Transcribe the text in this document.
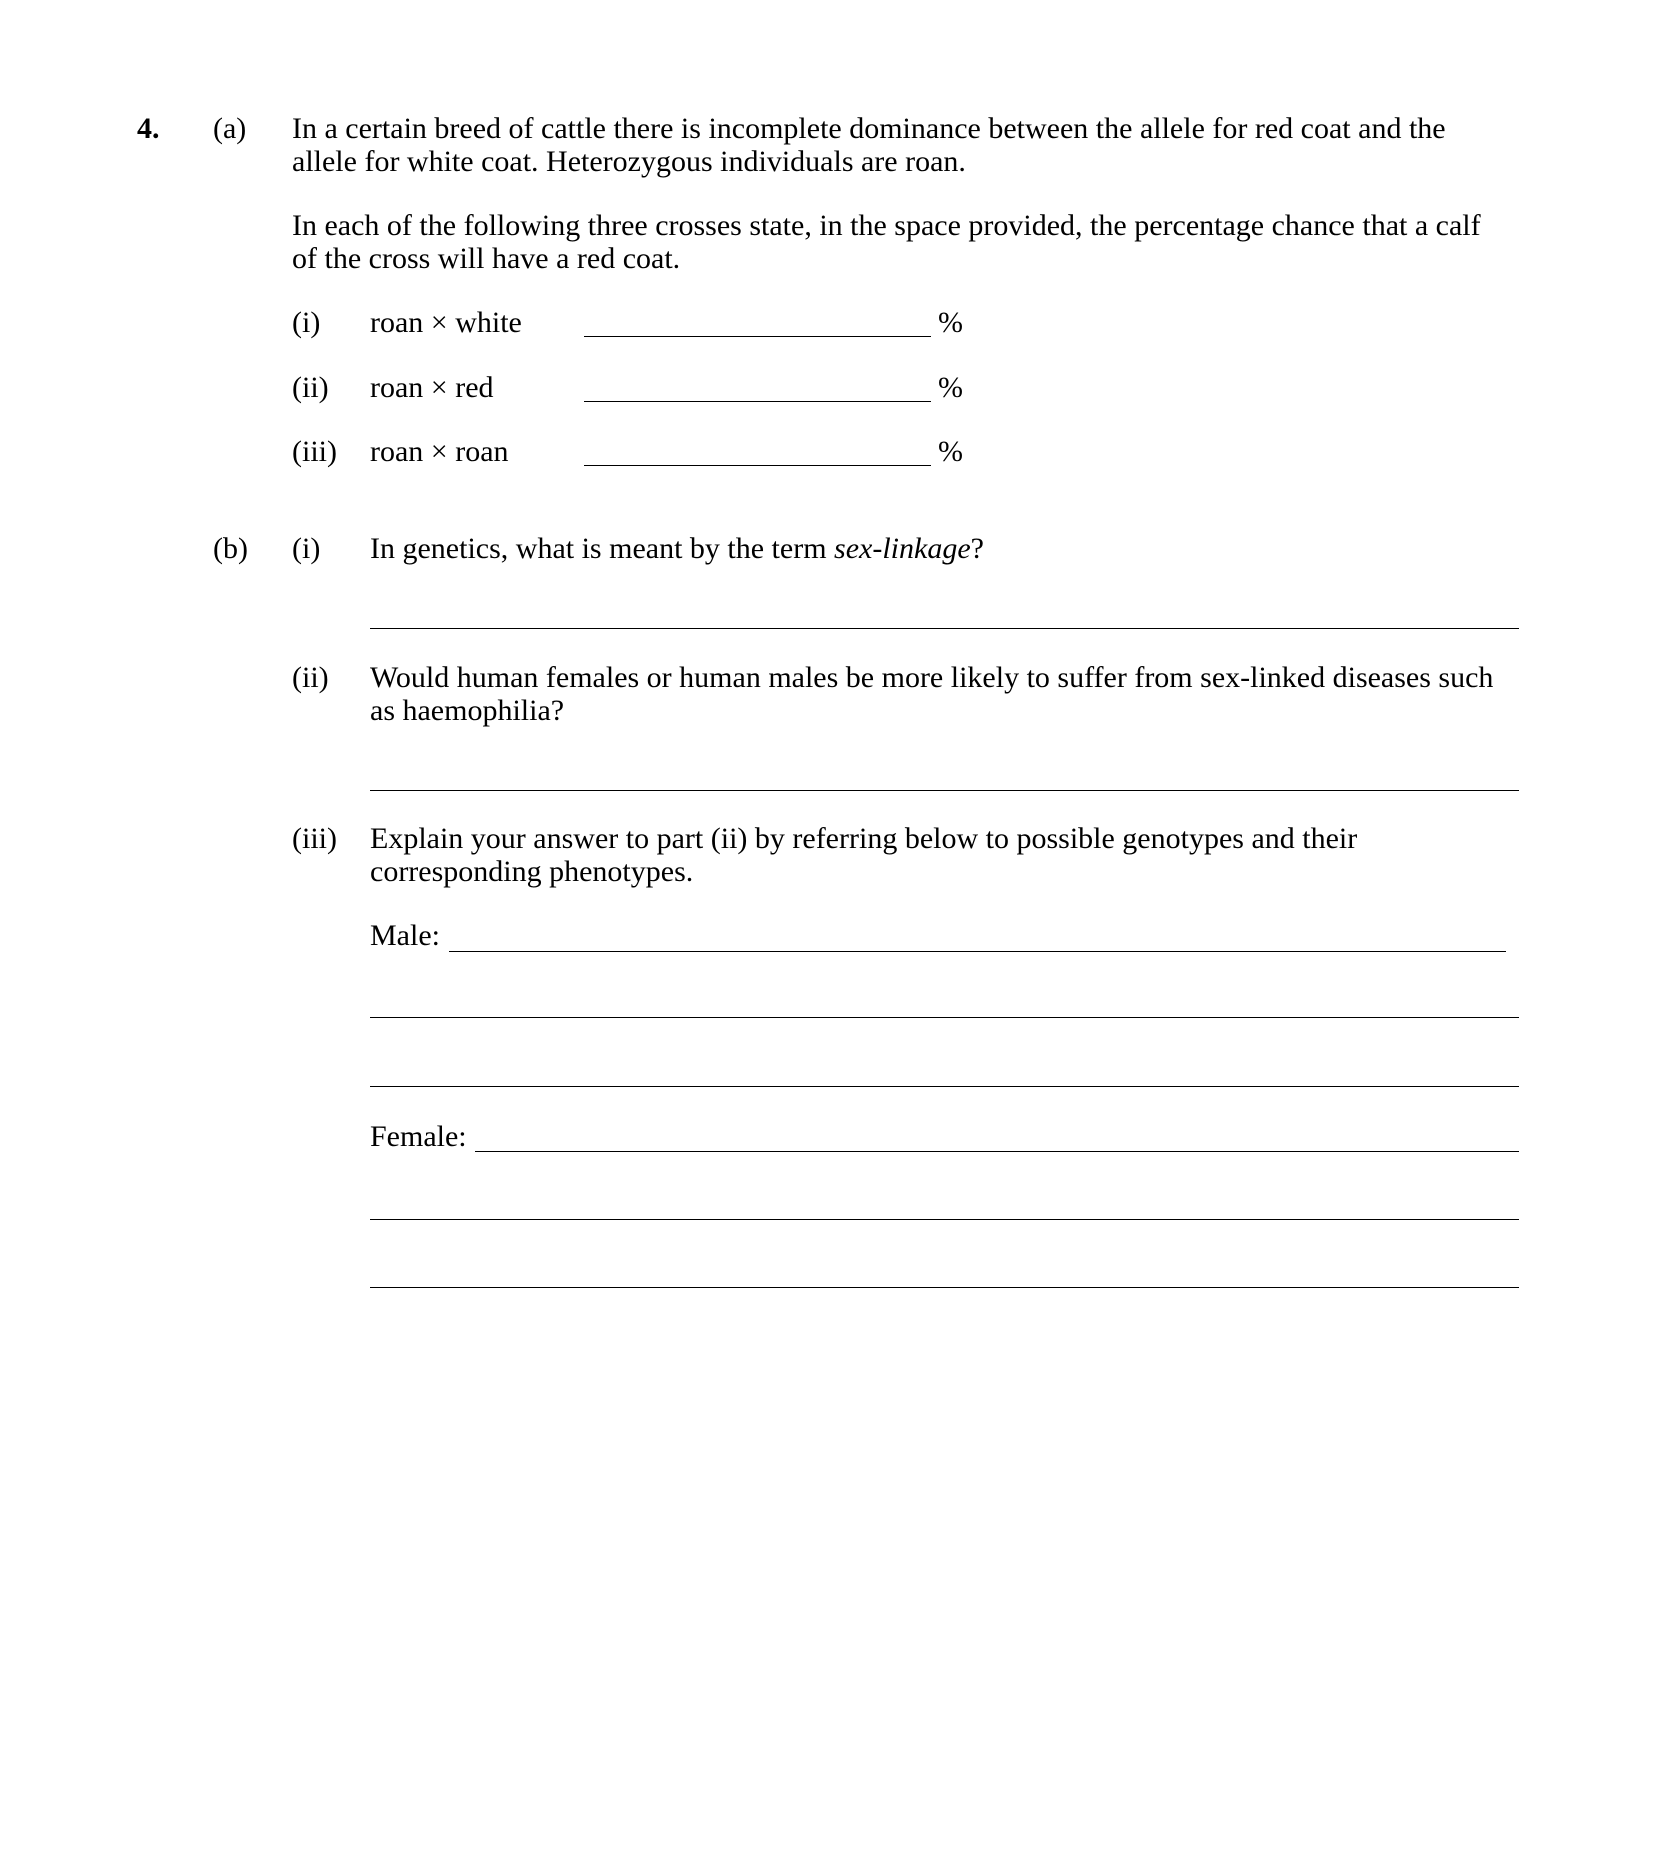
4. (a) In a certain breed of cattle there is incomplete dominance between the allele for red coat and the
allele for white coat. Heterozygous individuals are roan.
In each of the following three crosses state, in the space provided, the percentage chance that a calf
of the cross will have a red coat.
(i) roan × white	%
(ii) roan × red	%
(iii) roan × roan	%
(b) (i) In genetics, what is meant by the term sex-linkage?
(ii) Would human females or human males be more likely to suffer from sex-linked diseases such
as haemophilia?
(iii) Explain your answer to part (ii) by referring below to possible genotypes and their
corresponding phenotypes.
Male:
Female:
